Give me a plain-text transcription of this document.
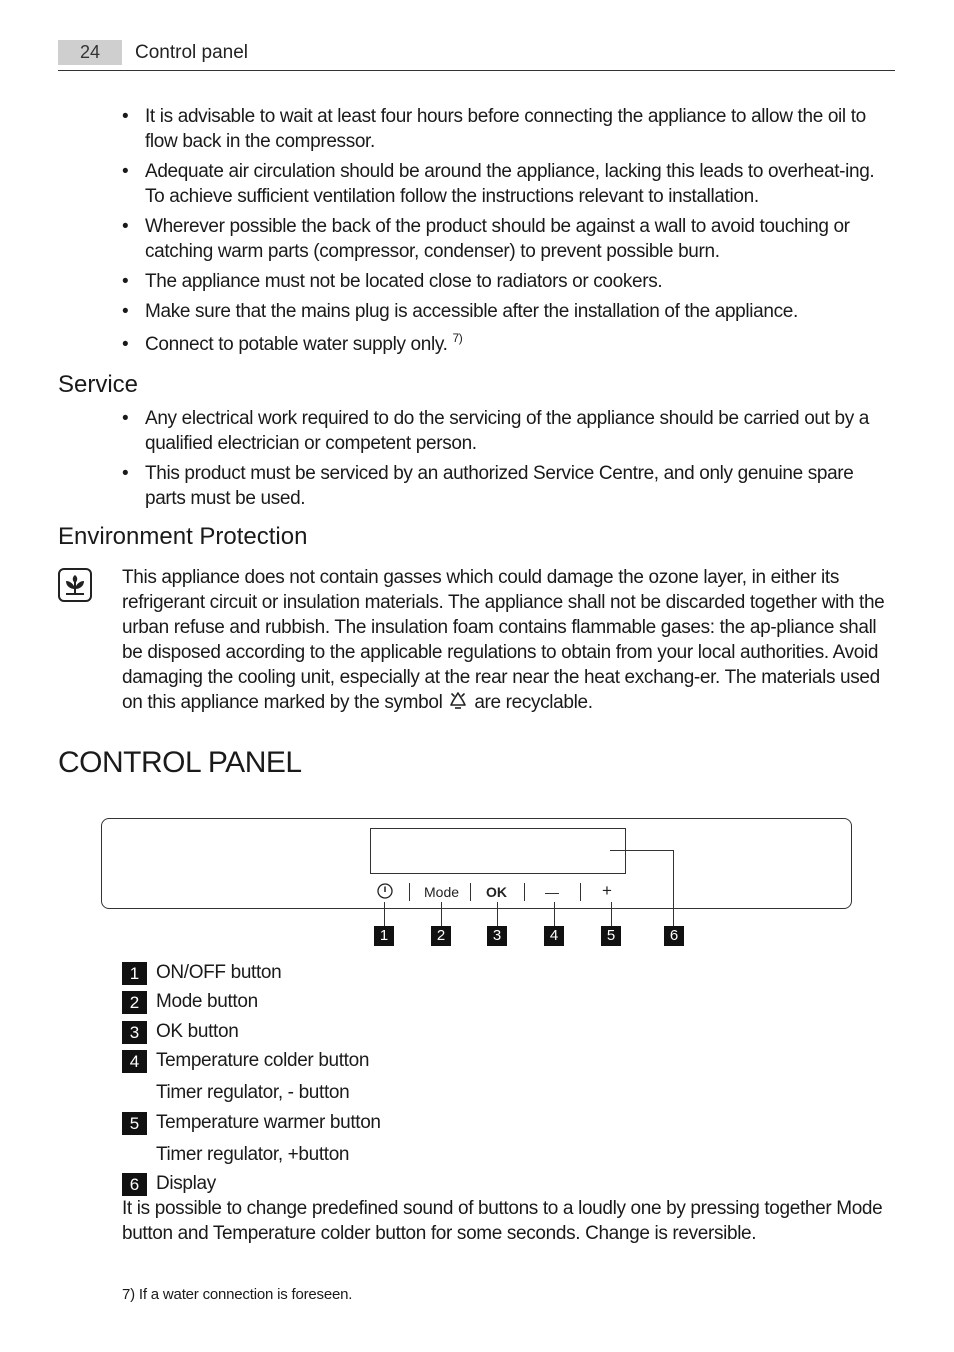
24	Control panel
• It is advisable to wait at least four hours before connecting the appliance to allow the oil to flow back in the compressor.
• Adequate air circulation should be around the appliance, lacking this leads to overheat-ing. To achieve sufficient ventilation follow the instructions relevant to installation.
• Wherever possible the back of the product should be against a wall to avoid touching or catching warm parts (compressor, condenser) to prevent possible burn.
• The appliance must not be located close to radiators or cookers.
• Make sure that the mains plug is accessible after the installation of the appliance.
• Connect to potable water supply only. $^{7)}$
Service
• Any electrical work required to do the servicing of the appliance should be carried out by a qualified electrician or competent person.
• This product must be serviced by an authorized Service Centre, and only genuine spare parts must be used.
Environment Protection
This appliance does not contain gasses which could damage the ozone layer, in either its refrigerant circuit or insulation materials. The appliance shall not be discarded together with the urban refuse and rubbish. The insulation foam contains flammable gases: the ap-pliance shall be disposed according to the applicable regulations to obtain from your local authorities. Avoid damaging the cooling unit, especially at the rear near the heat exchang-er. The materials used on this appliance marked by the symbol are recyclable.
CONTROL PANEL
Mode OK	—	+
1	2	3	4	5	6
1 ON/OFF button
2 Mode button
3 OK button
4 Temperature colder button
Timer regulator, - button
5 Temperature warmer button
Timer regulator, +button
6 Display
It is possible to change predefined sound of buttons to a loudly one by pressing together Mode button and Temperature colder button for some seconds. Change is reversible.
7) If a water connection is foreseen.
